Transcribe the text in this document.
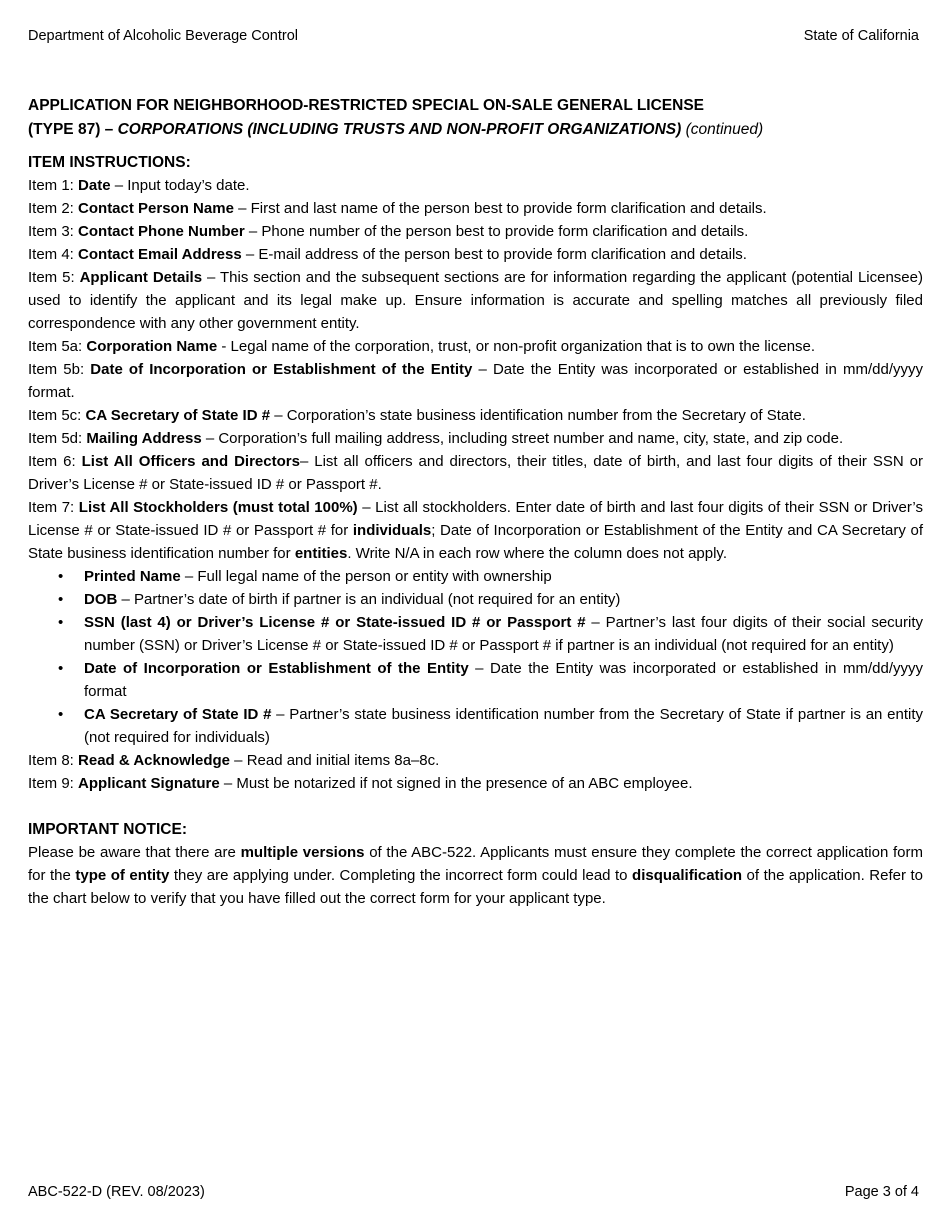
Department of Alcoholic Beverage Control	State of California
APPLICATION FOR NEIGHBORHOOD-RESTRICTED SPECIAL ON-SALE GENERAL LICENSE
(TYPE 87) – CORPORATIONS (INCLUDING TRUSTS AND NON-PROFIT ORGANIZATIONS) (continued)
ITEM INSTRUCTIONS:
Item 1: Date – Input today’s date.
Item 2: Contact Person Name – First and last name of the person best to provide form clarification and details.
Item 3: Contact Phone Number – Phone number of the person best to provide form clarification and details.
Item 4: Contact Email Address – E-mail address of the person best to provide form clarification and details.
Item 5: Applicant Details – This section and the subsequent sections are for information regarding the applicant (potential Licensee) used to identify the applicant and its legal make up. Ensure information is accurate and spelling matches all previously filed correspondence with any other government entity.
Item 5a: Corporation Name - Legal name of the corporation, trust, or non-profit organization that is to own the license.
Item 5b: Date of Incorporation or Establishment of the Entity – Date the Entity was incorporated or established in mm/dd/yyyy format.
Item 5c: CA Secretary of State ID # – Corporation’s state business identification number from the Secretary of State.
Item 5d: Mailing Address – Corporation’s full mailing address, including street number and name, city, state, and zip code.
Item 6: List All Officers and Directors– List all officers and directors, their titles, date of birth, and last four digits of their SSN or Driver’s License # or State-issued ID # or Passport #.
Item 7: List All Stockholders (must total 100%) – List all stockholders. Enter date of birth and last four digits of their SSN or Driver’s License # or State-issued ID # or Passport # for individuals; Date of Incorporation or Establishment of the Entity and CA Secretary of State business identification number for entities. Write N/A in each row where the column does not apply.
• Printed Name – Full legal name of the person or entity with ownership
• DOB – Partner’s date of birth if partner is an individual (not required for an entity)
• SSN (last 4) or Driver’s License # or State-issued ID # or Passport # – Partner’s last four digits of their social security number (SSN) or Driver’s License # or State-issued ID # or Passport # if partner is an individual (not required for an entity)
• Date of Incorporation or Establishment of the Entity – Date the Entity was incorporated or established in mm/dd/yyyy format
• CA Secretary of State ID # – Partner’s state business identification number from the Secretary of State if partner is an entity (not required for individuals)
Item 8: Read & Acknowledge – Read and initial items 8a–8c.
Item 9: Applicant Signature – Must be notarized if not signed in the presence of an ABC employee.
IMPORTANT NOTICE:
Please be aware that there are multiple versions of the ABC-522. Applicants must ensure they complete the correct application form for the type of entity they are applying under. Completing the incorrect form could lead to disqualification of the application. Refer to the chart below to verify that you have filled out the correct form for your applicant type.
ABC-522-D (REV. 08/2023)	Page 3 of 4
